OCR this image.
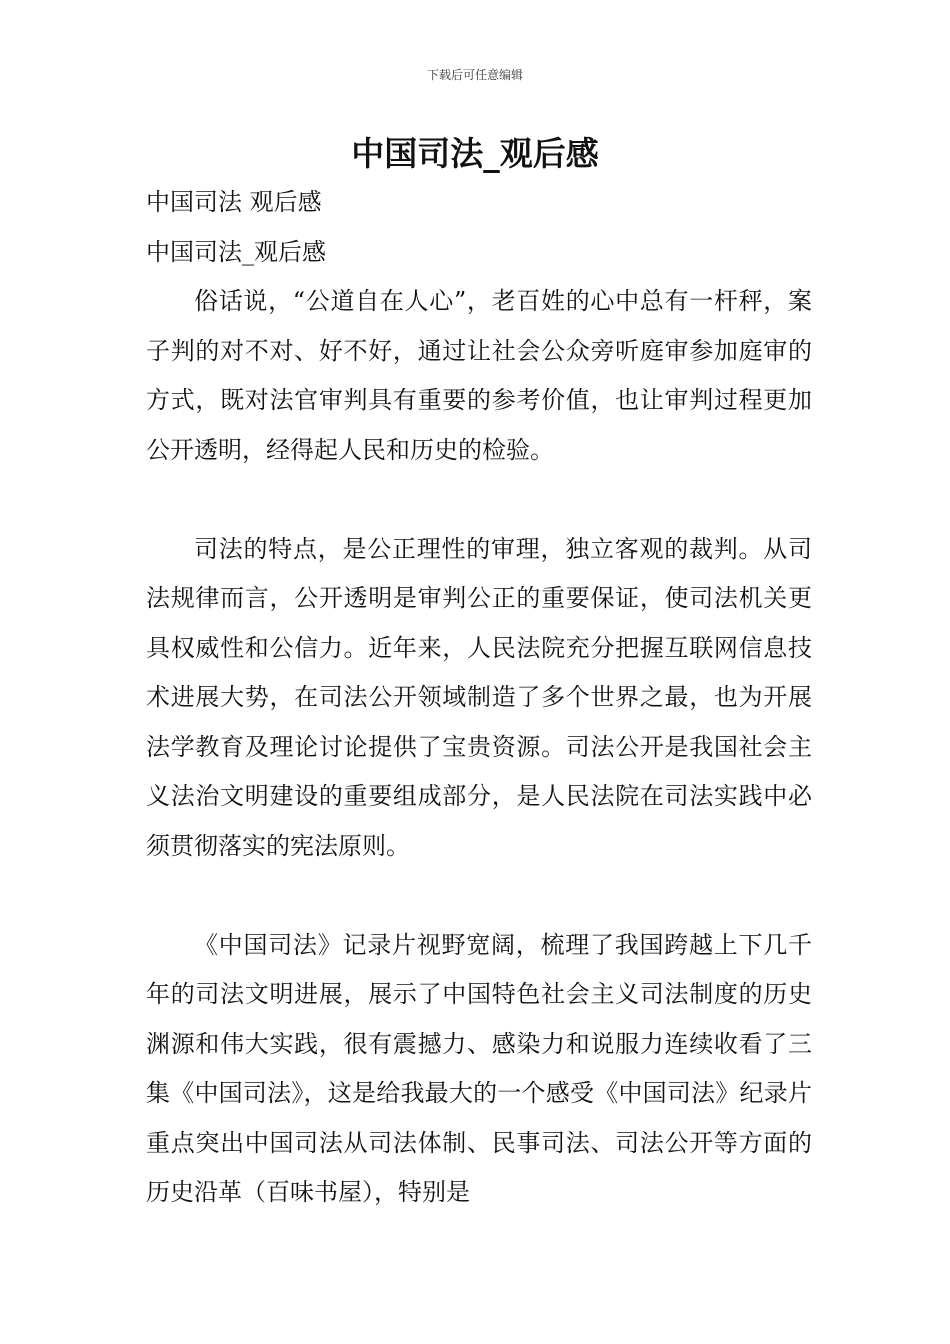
下载后可任意编辑
中国司法_观后感

中国司法 观后感

中国司法_观后感

俗话说，“公道自在人心”，老百姓的心中总有一杆秤，案子判的对不对、好不好，通过让社会公众旁听庭审参加庭审的方式，既对法官审判具有重要的参考价值，也让审判过程更加公开透明，经得起人民和历史的检验。

司法的特点，是公正理性的审理，独立客观的裁判。从司法规律而言，公开透明是审判公正的重要保证，使司法机关更具权威性和公信力。近年来，人民法院充分把握互联网信息技术进展大势，在司法公开领域制造了多个世界之最，也为开展法学教育及理论讨论提供了宝贵资源。司法公开是我国社会主义法治文明建设的重要组成部分，是人民法院在司法实践中必须贯彻落实的宪法原则。

《中国司法》记录片视野宽阔，梳理了我国跨越上下几千年的司法文明进展，展示了中国特色社会主义司法制度的历史渊源和伟大实践，很有震撼力、感染力和说服力连续收看了三集《中国司法》，这是给我最大的一个感受《中国司法》纪录片重点突出中国司法从司法体制、民事司法、司法公开等方面的历史沿革（百味书屋），特别是
